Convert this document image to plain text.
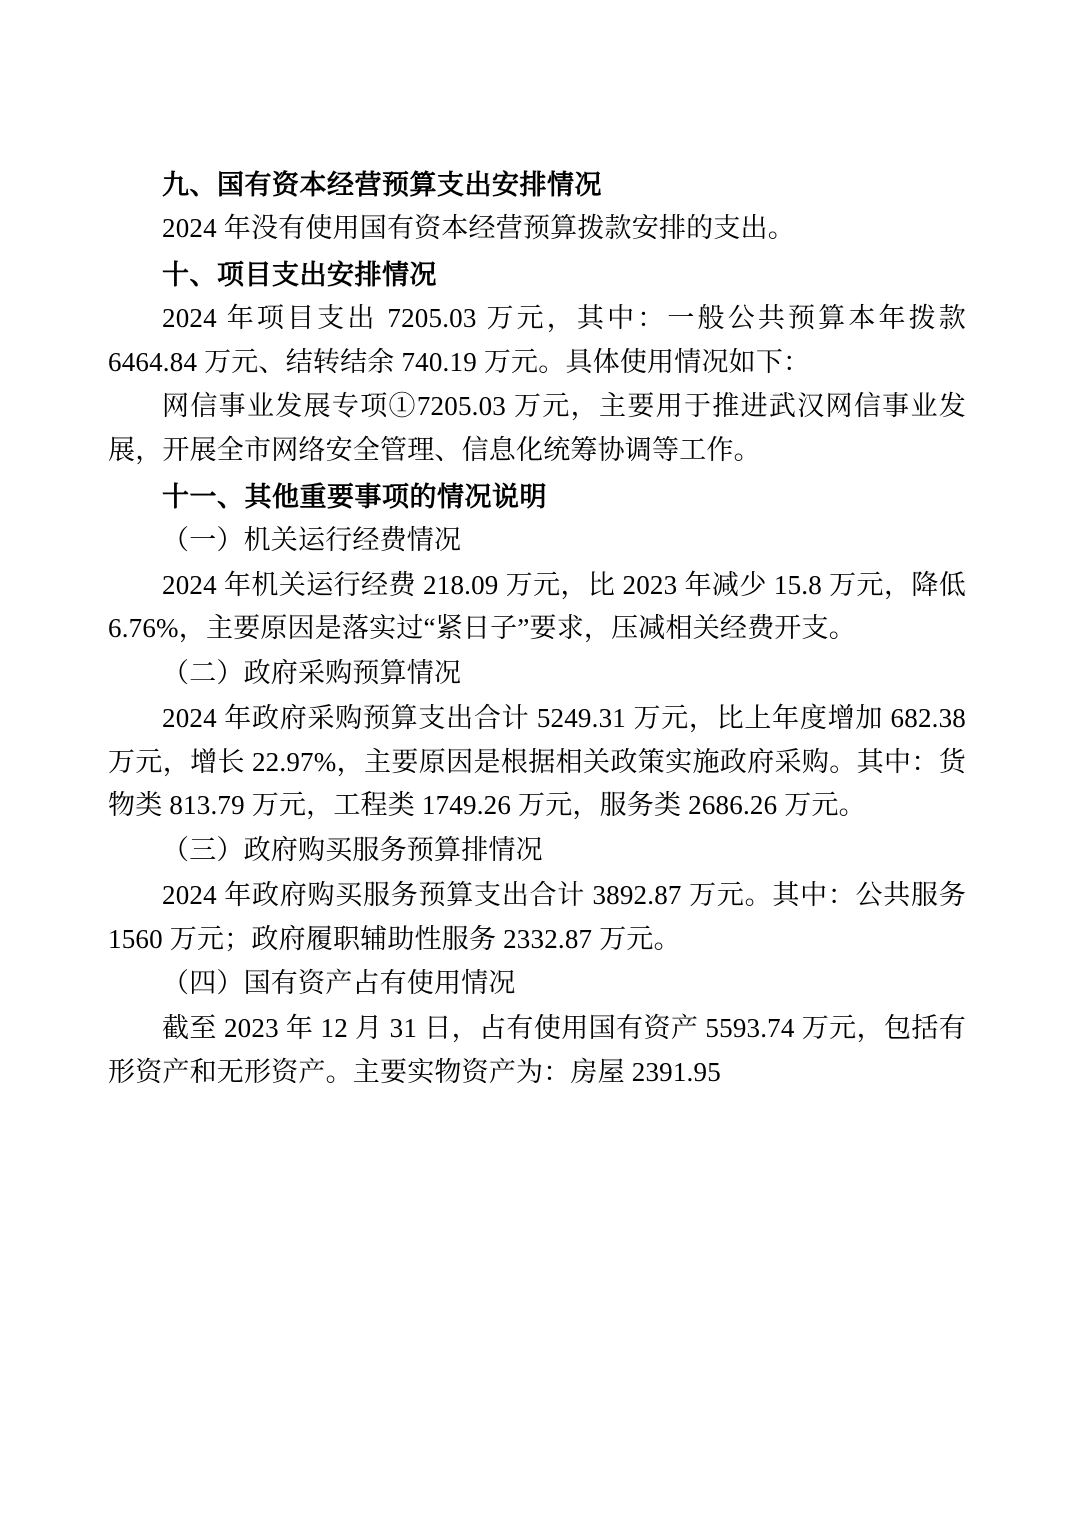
九、国有资本经营预算支出安排情况

2024 年没有使用国有资本经营预算拨款安排的支出。

十、项目支出安排情况

2024 年项目支出 7205.03 万元，其中：一般公共预算本年拨款 6464.84 万元、结转结余 740.19 万元。具体使用情况如下：

网信事业发展专项①7205.03 万元，主要用于推进武汉网信事业发展，开展全市网络安全管理、信息化统筹协调等工作。

十一、其他重要事项的情况说明

（一）机关运行经费情况

2024 年机关运行经费 218.09 万元，比 2023 年减少 15.8 万元，降低 6.76%，主要原因是落实过“紧日子”要求，压减相关经费开支。

（二）政府采购预算情况

2024 年政府采购预算支出合计 5249.31 万元，比上年度增加 682.38 万元，增长 22.97%，主要原因是根据相关政策实施政府采购。其中：货物类 813.79 万元，工程类 1749.26 万元，服务类 2686.26 万元。

（三）政府购买服务预算排情况

2024 年政府购买服务预算支出合计 3892.87 万元。其中：公共服务 1560 万元；政府履职辅助性服务 2332.87 万元。

（四）国有资产占有使用情况

截至 2023 年 12 月 31 日，占有使用国有资产 5593.74 万元，包括有形资产和无形资产。主要实物资产为：房屋 2391.95
